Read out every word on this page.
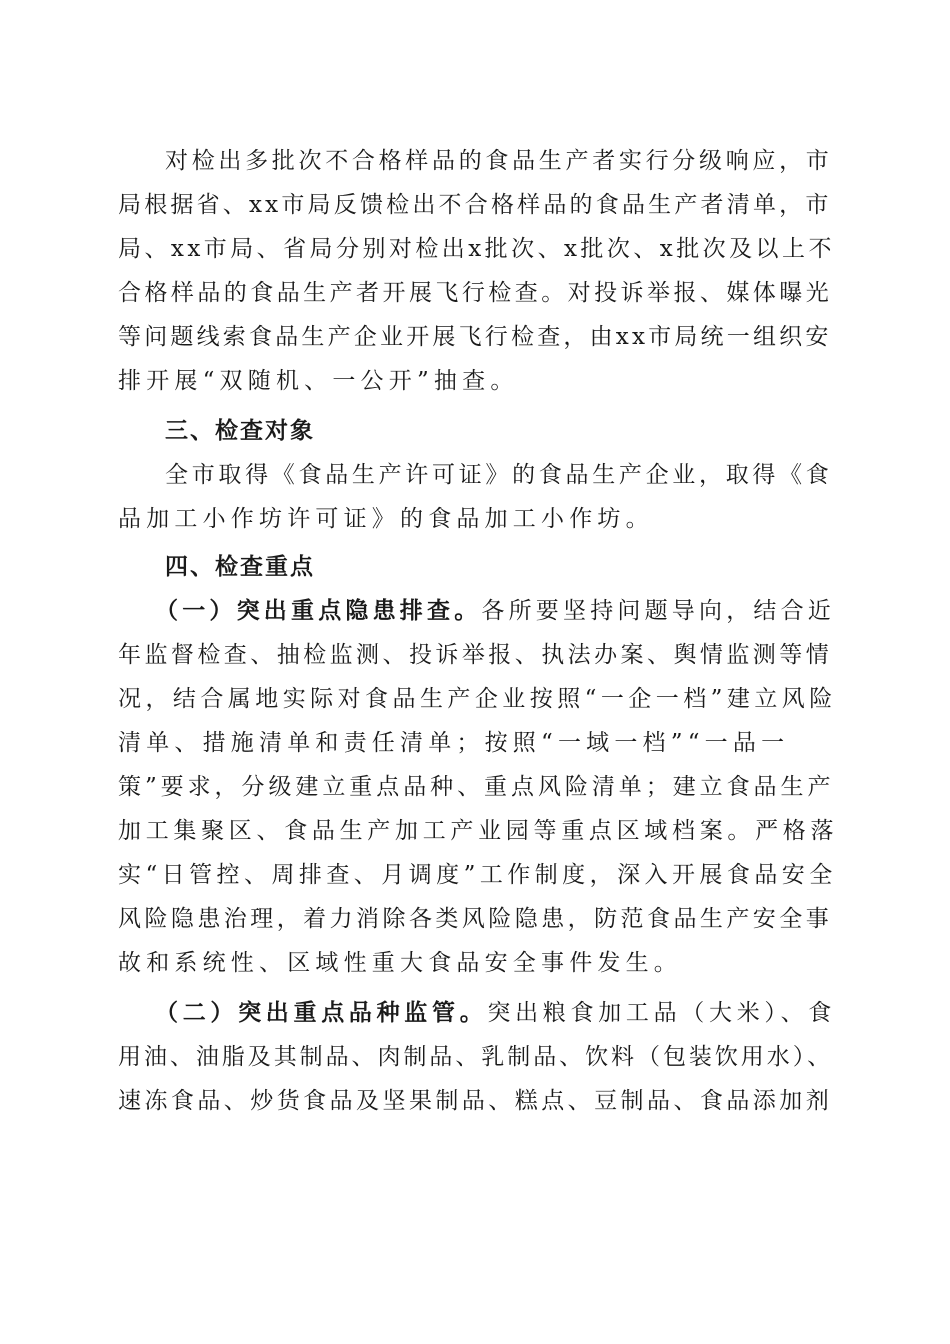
对检出多批次不合格样品的食品生产者实行分级响应，市
局根据省、xx市局反馈检出不合格样品的食品生产者清单，市
局、xx市局、省局分别对检出x批次、x批次、x批次及以上不
合格样品的食品生产者开展飞行检查。对投诉举报、媒体曝光
等问题线索食品生产企业开展飞行检查，由xx市局统一组织安
排开展“双随机、一公开”抽查。
三、检查对象
全市取得《食品生产许可证》的食品生产企业，取得《食
品加工小作坊许可证》的食品加工小作坊。
四、检查重点
（一）突出重点隐患排查。各所要坚持问题导向，结合近
年监督检查、抽检监测、投诉举报、执法办案、舆情监测等情
况，结合属地实际对食品生产企业按照“一企一档”建立风险
清单、措施清单和责任清单；按照“一域一档”“一品一
策”要求，分级建立重点品种、重点风险清单；建立食品生产
加工集聚区、食品生产加工产业园等重点区域档案。严格落
实“日管控、周排查、月调度”工作制度，深入开展食品安全
风险隐患治理，着力消除各类风险隐患，防范食品生产安全事
故和系统性、区域性重大食品安全事件发生。
（二）突出重点品种监管。突出粮食加工品（大米）、食
用油、油脂及其制品、肉制品、乳制品、饮料（包装饮用水）、
速冻食品、炒货食品及坚果制品、糕点、豆制品、食品添加剂
